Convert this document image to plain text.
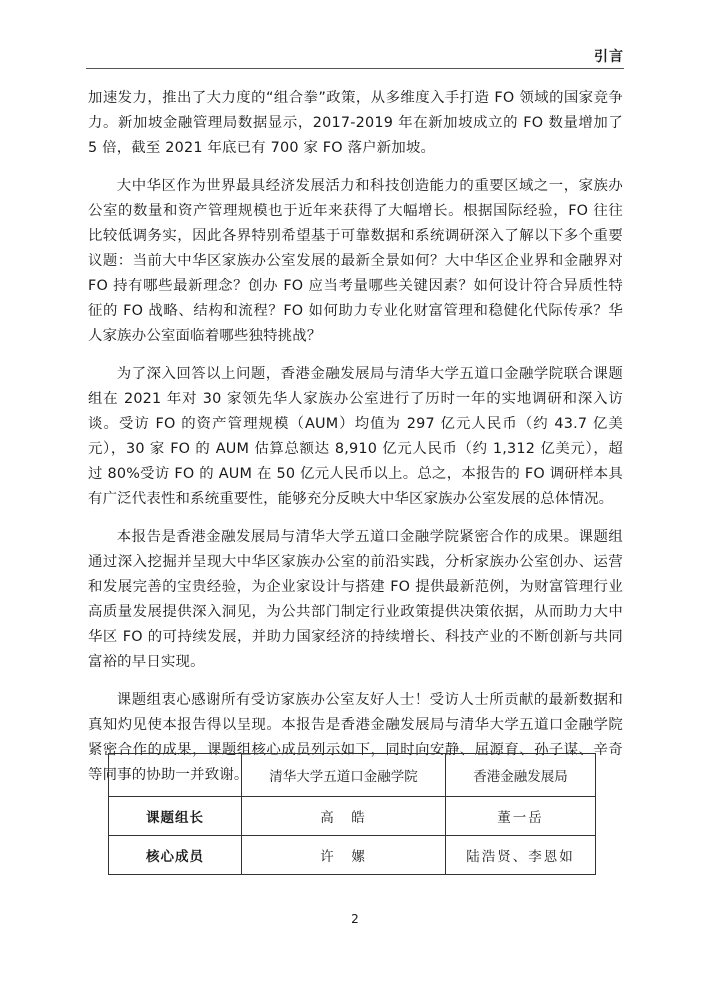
引言

加速发力，推出了大力度的“组合拳”政策，从多维度入手打造 FO 领域的国家竞争力。新加坡金融管理局数据显示，2017-2019 年在新加坡成立的 FO 数量增加了 5 倍，截至 2021 年底已有 700 家 FO 落户新加坡。

大中华区作为世界最具经济发展活力和科技创造能力的重要区域之一，家族办公室的数量和资产管理规模也于近年来获得了大幅增长。根据国际经验，FO 往往比较低调务实，因此各界特别希望基于可靠数据和系统调研深入了解以下多个重要议题：当前大中华区家族办公室发展的最新全景如何？大中华区企业界和金融界对 FO 持有哪些最新理念？创办 FO 应当考量哪些关键因素？如何设计符合异质性特征的 FO 战略、结构和流程？FO 如何助力专业化财富管理和稳健化代际传承？华人家族办公室面临着哪些独特挑战？

为了深入回答以上问题，香港金融发展局与清华大学五道口金融学院联合课题组在 2021 年对 30 家领先华人家族办公室进行了历时一年的实地调研和深入访谈。受访 FO 的资产管理规模（AUM）均值为 297 亿元人民币（约 43.7 亿美元），30 家 FO 的 AUM 估算总额达 8,910 亿元人民币（约 1,312 亿美元），超过 80%受访 FO 的 AUM 在 50 亿元人民币以上。总之，本报告的 FO 调研样本具有广泛代表性和系统重要性，能够充分反映大中华区家族办公室发展的总体情况。

本报告是香港金融发展局与清华大学五道口金融学院紧密合作的成果。课题组通过深入挖掘并呈现大中华区家族办公室的前沿实践，分析家族办公室创办、运营和发展完善的宝贵经验，为企业家设计与搭建 FO 提供最新范例，为财富管理行业高质量发展提供深入洞见，为公共部门制定行业政策提供决策依据，从而助力大中华区 FO 的可持续发展，并助力国家经济的持续增长、科技产业的不断创新与共同富裕的早日实现。

课题组衷心感谢所有受访家族办公室友好人士！受访人士所贡献的最新数据和真知灼见使本报告得以呈现。本报告是香港金融发展局与清华大学五道口金融学院紧密合作的成果，课题组核心成员列示如下，同时向安静、屈源育、孙子谋、辛奇等同事的协助一并致谢。

		清华大学五道口金融学院	香港金融发展局
课题组长	高　皓	董一岳
核心成员	许　嫘	陆浩贤、李恩如
2
